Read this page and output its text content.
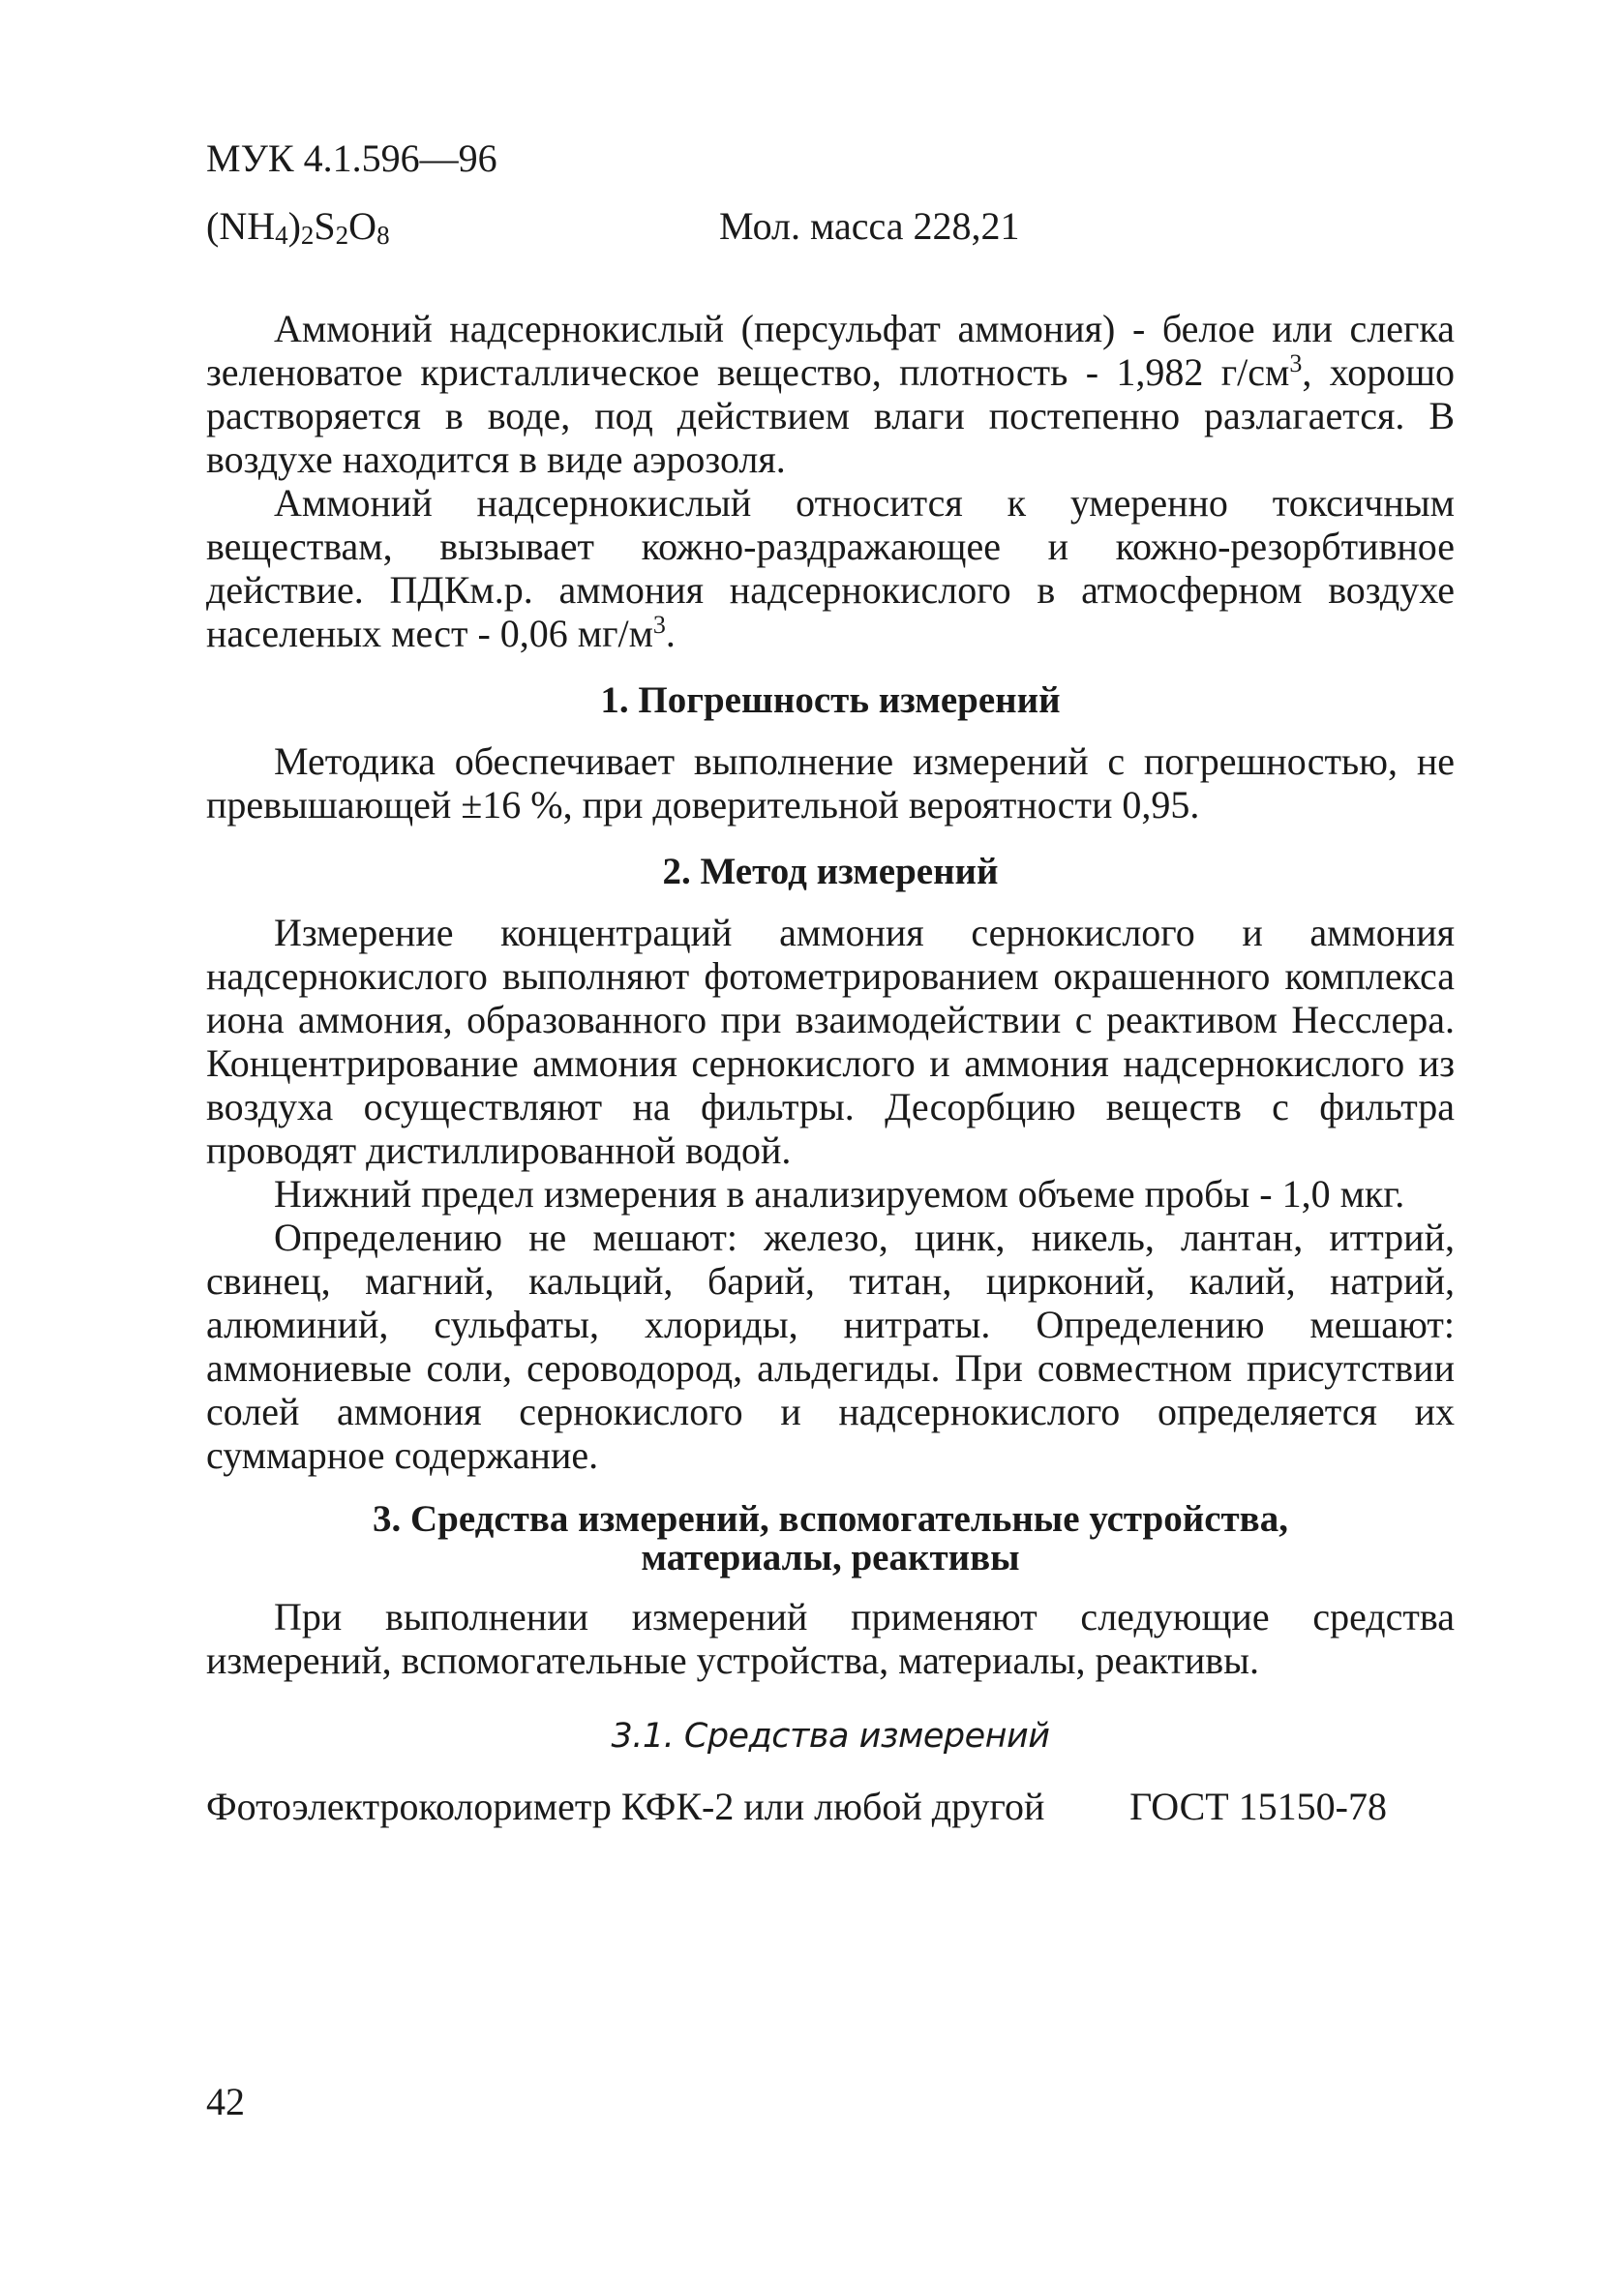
МУК 4.1.596—96
$(NH_4)_2S_2O_8$	Мол. масса 228,21

Аммоний надсернокислый (персульфат аммония) - белое или слегка зеленоватое кристаллическое вещество, плотность - 1,982 $г/см^3$, хорошо растворяется в воде, под действием влаги постепенно разлагается. В воздухе находится в виде аэрозоля.

Аммоний надсернокислый относится к умеренно токсичным веществам, вызывает кожно-раздражающее и кожно-резорбтивное действие. ПДКм.р. аммония надсернокислого в атмосферном воздухе населеных мест - 0,06 $мг/м^3$.

1. Погрешность измерений

Методика обеспечивает выполнение измерений с погрешностью, не превышающей ±16 %, при доверительной вероятности 0,95.

2. Метод измерений

Измерение концентраций аммония сернокислого и аммония надсернокислого выполняют фотометрированием окрашенного комплекса иона аммония, образованного при взаимодействии с реактивом Несслера. Концентрирование аммония сернокислого и аммония надсернокислого из воздуха осуществляют на фильтры. Десорбцию веществ с фильтра проводят дистиллированной водой.

Нижний предел измерения в анализируемом объеме пробы - 1,0 мкг.

Определению не мешают: железо, цинк, никель, лантан, иттрий, свинец, магний, кальций, барий, титан, цирконий, калий, натрий, алюминий, сульфаты, хлориды, нитраты. Определению мешают: аммониевые соли, сероводород, альдегиды. При совместном присутствии солей аммония сернокислого и надсернокислого определяется их суммарное содержание.

3. Средства измерений, вспомогательные устройства,
материалы, реактивы

При выполнении измерений применяют следующие средства измерений, вспомогательные устройства, материалы, реактивы.

3.1. Средства измерений
Фотоэлектроколориметр КФК-2 или любой другой	ГОСТ 15150-78
42
